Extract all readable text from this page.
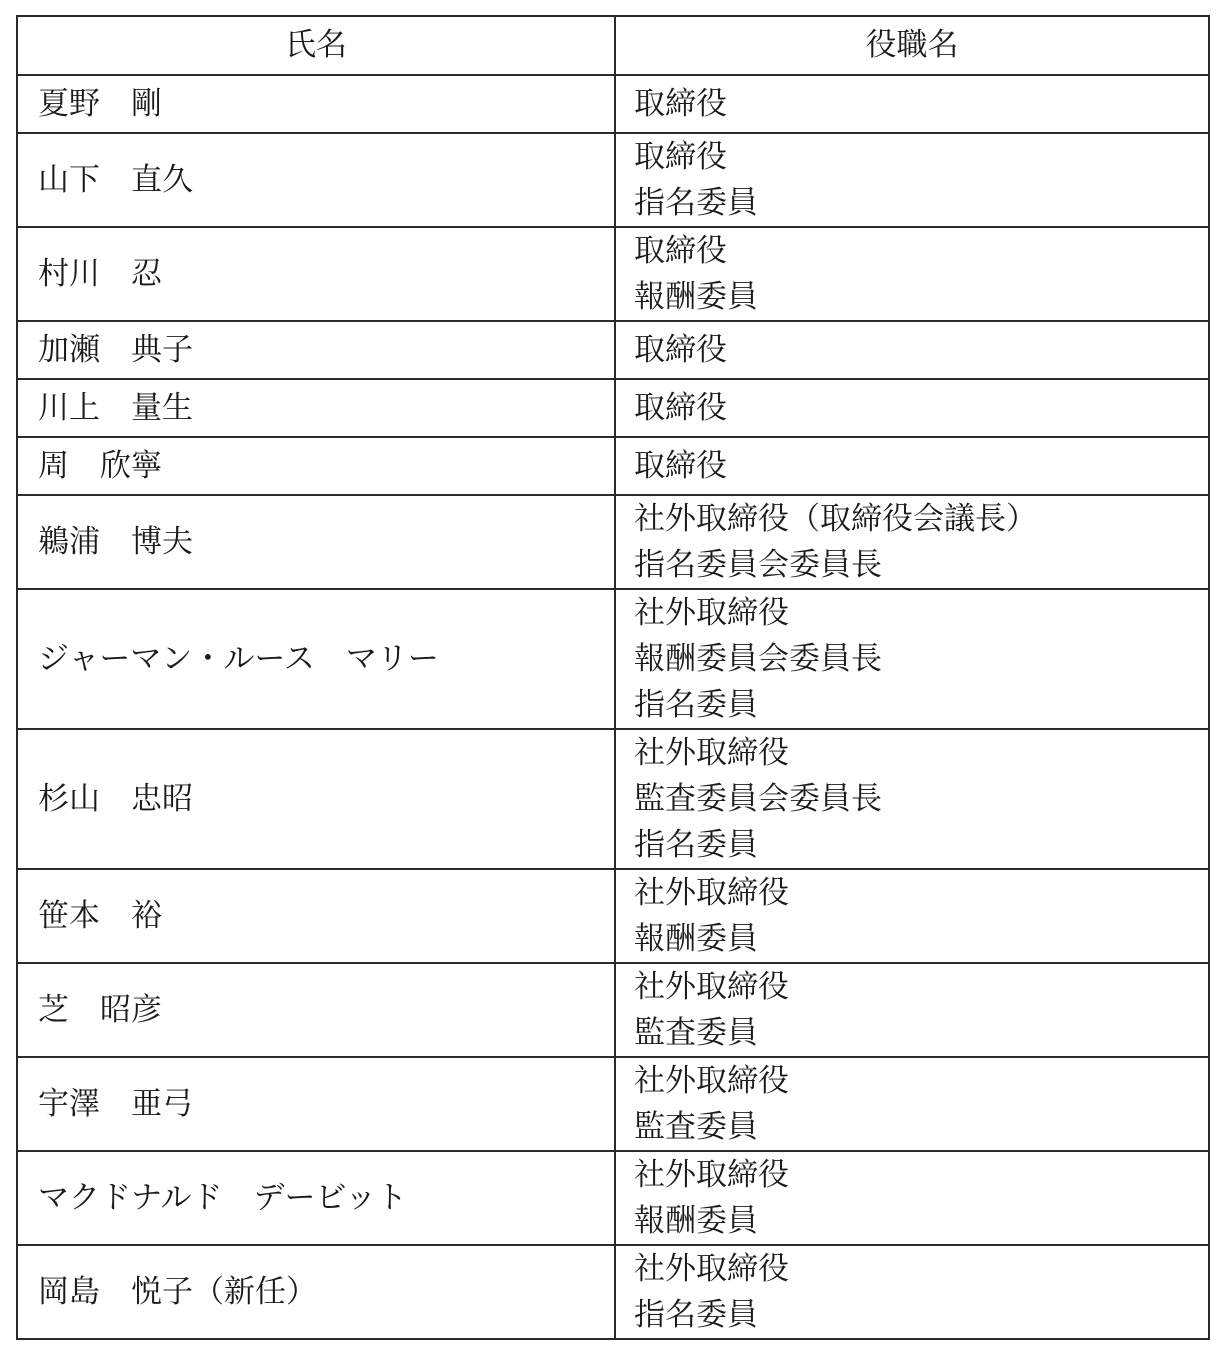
氏名	役職名
夏野　剛	取締役

山下　直久	取締役
指名委員

村川　忍	取締役
報酬委員

加瀬　典子	取締役

川上　量生	取締役

周　欣寧	取締役

鵜浦　博夫	社外取締役（取締役会議長）
指名委員会委員長

ジャーマン・ルース　マリー	社外取締役
報酬委員会委員長
指名委員

杉山　忠昭	社外取締役
監査委員会委員長
指名委員

笹本　裕	社外取締役
報酬委員

芝　昭彦	社外取締役
監査委員

宇澤　亜弓	社外取締役
監査委員

マクドナルド　デービット	社外取締役
報酬委員

岡島　悦子（新任）	社外取締役
指名委員
